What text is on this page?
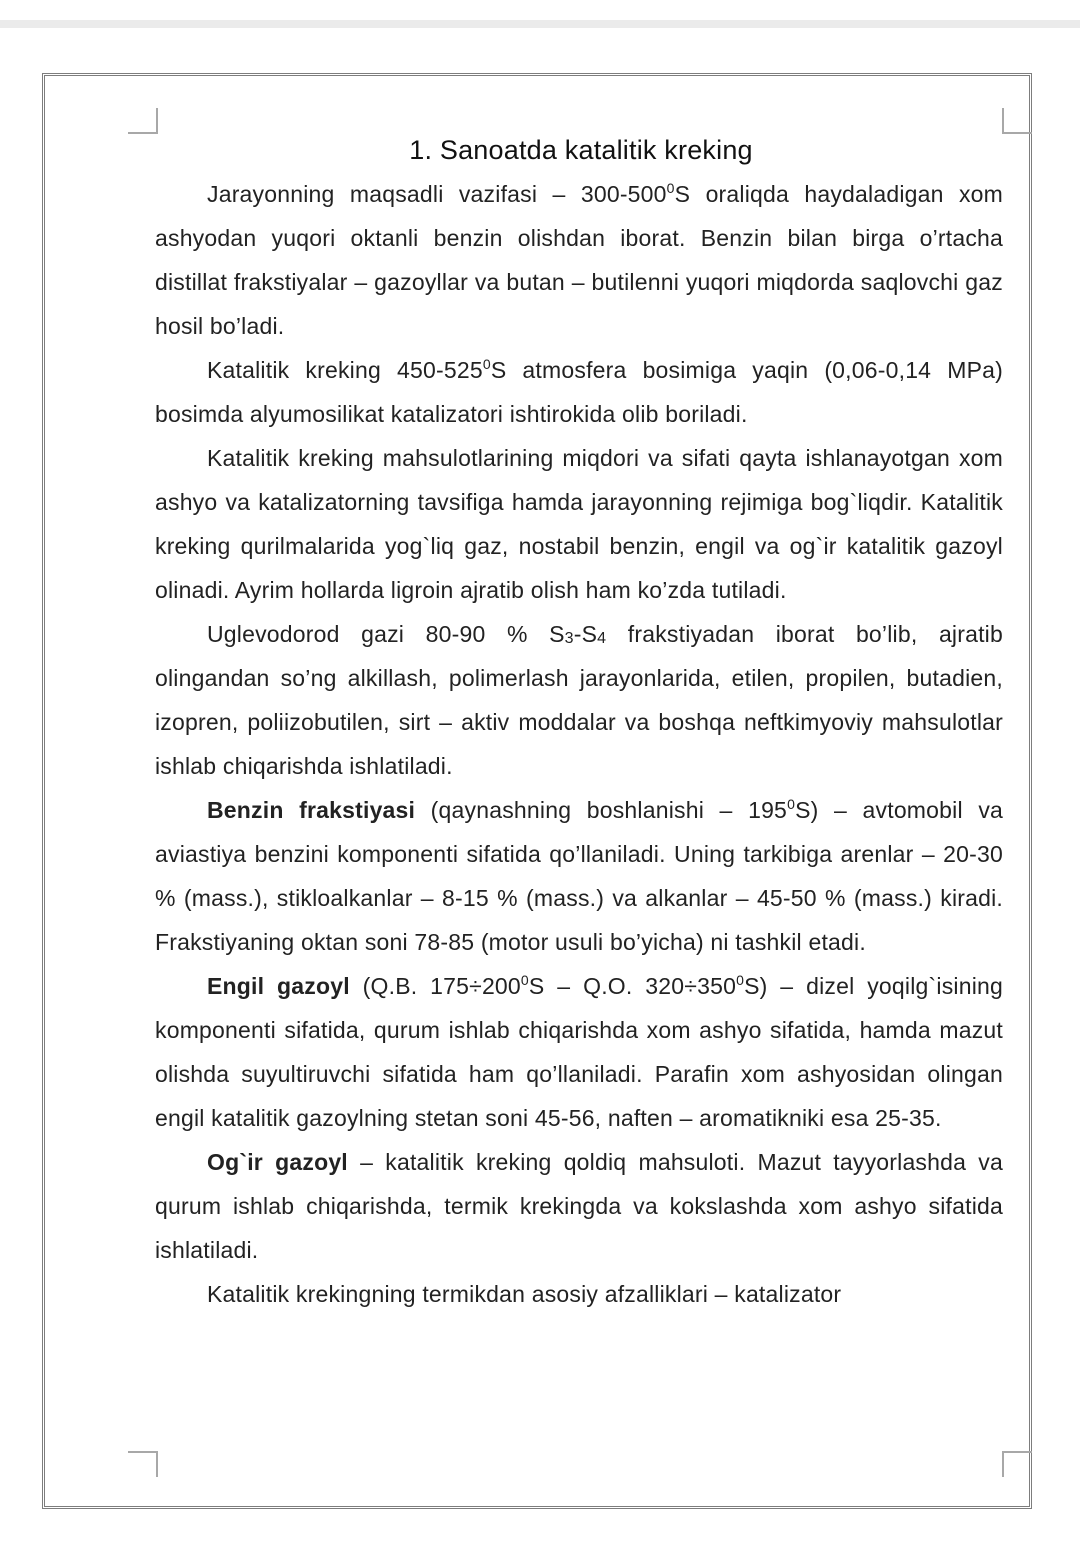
1. Sanoatda katalitik kreking

Jarayonning maqsadli vazifasi – $300-500^0S$ oraliqda haydaladigan xom ashyodan yuqori oktanli benzin olishdan iborat. Benzin bilan birga o’rtacha distillat frakstiyalar – gazoyllar va butan – butilenni yuqori miqdorda saqlovchi gaz hosil bo’ladi.

Katalitik kreking $450-525^0S$ atmosfera bosimiga yaqin (0,06-0,14 MPa) bosimda alyumosilikat katalizatori ishtirokida olib boriladi.

Katalitik kreking mahsulotlarining miqdori va sifati qayta ishlanayotgan xom ashyo va katalizatorning tavsifiga hamda jarayonning rejimiga bog`liqdir. Katalitik kreking qurilmalarida yog`liq gaz, nostabil benzin, engil va og`ir katalitik gazoyl olinadi. Ayrim hollarda ligroin ajratib olish ham ko’zda tutiladi.

Uglevodorod gazi 80-90 % $S_3-S_4$ frakstiyadan iborat bo’lib, ajratib olingandan so’ng alkillash, polimerlash jarayonlarida, etilen, propilen, butadien, izopren, poliizobutilen, sirt – aktiv moddalar va boshqa neftkimyoviy mahsulotlar ishlab chiqarishda ishlatiladi.

Benzin frakstiyasi (qaynashning boshlanishi – $195^0S$) – avtomobil va aviastiya benzini komponenti sifatida qo’llaniladi. Uning tarkibiga arenlar – 20-30 % (mass.), stikloalkanlar – 8-15 % (mass.) va alkanlar – 45-50 % (mass.) kiradi. Frakstiyaning oktan soni 78-85 (motor usuli bo’yicha) ni tashkil etadi.

Engil gazoyl (Q.B. $175\div 200^0S - Q.O$. $320\div 350^0S$) – dizel yoqilg`isining komponenti sifatida, qurum ishlab chiqarishda xom ashyo sifatida, hamda mazut olishda suyultiruvchi sifatida ham qo’llaniladi. Parafin xom ashyosidan olingan engil katalitik gazoylning stetan soni 45-56, naften – aromatikniki esa 25-35.

Og`ir gazoyl – katalitik kreking qoldiq mahsuloti. Mazut tayyorlashda va qurum ishlab chiqarishda, termik krekingda va kokslashda xom ashyo sifatida ishlatiladi.

Katalitik krekingning termikdan asosiy afzalliklari – katalizator
